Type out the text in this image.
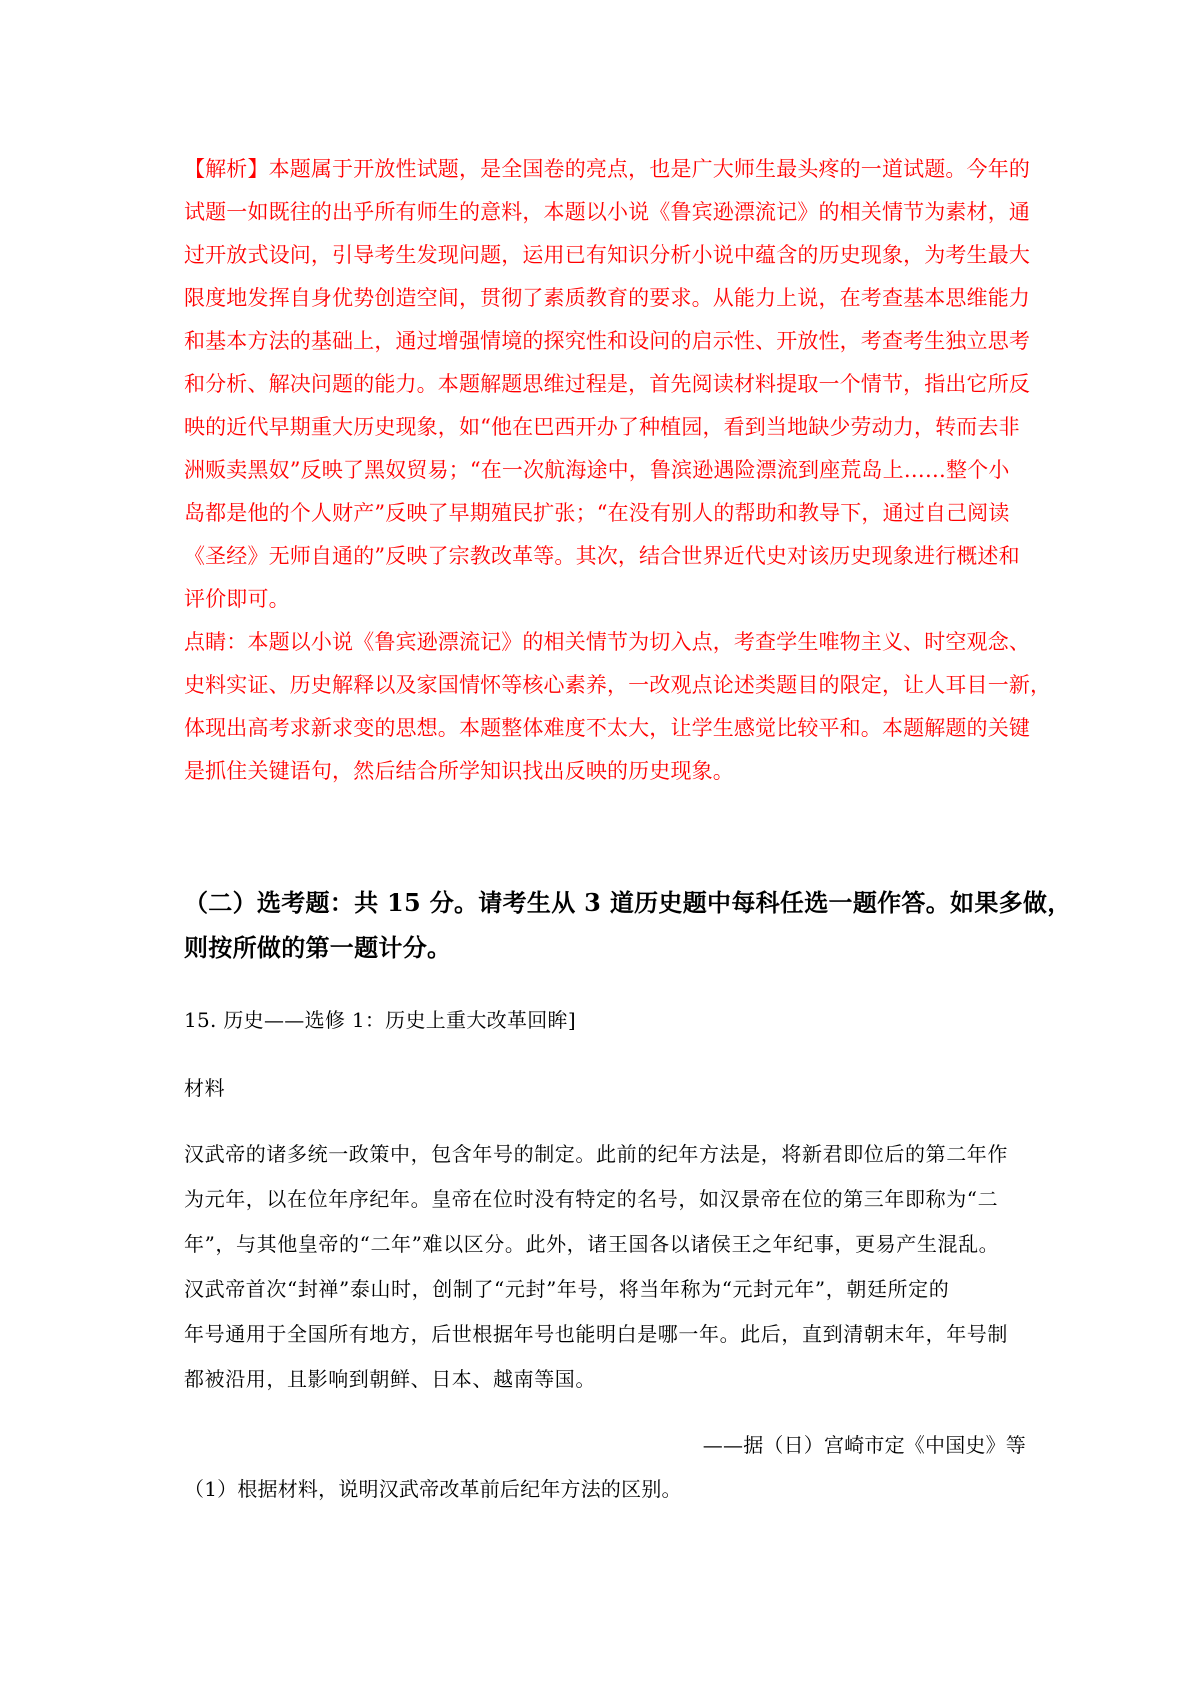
【解析】本题属于开放性试题，是全国卷的亮点，也是广大师生最头疼的一道试题。今年的
试题一如既往的出乎所有师生的意料，本题以小说《鲁宾逊漂流记》的相关情节为素材，通
过开放式设问，引导考生发现问题，运用已有知识分析小说中蕴含的历史现象，为考生最大
限度地发挥自身优势创造空间，贯彻了素质教育的要求。从能力上说，在考查基本思维能力
和基本方法的基础上，通过增强情境的探究性和设问的启示性、开放性，考查考生独立思考
和分析、解决问题的能力。本题解题思维过程是，首先阅读材料提取一个情节，指出它所反
映的近代早期重大历史现象，如“他在巴西开办了种植园，看到当地缺少劳动力，转而去非
洲贩卖黑奴”反映了黑奴贸易；“在一次航海途中，鲁滨逊遇险漂流到座荒岛上……整个小
岛都是他的个人财产”反映了早期殖民扩张；“在没有别人的帮助和教导下，通过自己阅读
《圣经》无师自通的”反映了宗教改革等。其次，结合世界近代史对该历史现象进行概述和
评价即可。
点睛：本题以小说《鲁宾逊漂流记》的相关情节为切入点，考查学生唯物主义、时空观念、
史料实证、历史解释以及家国情怀等核心素养，一改观点论述类题目的限定，让人耳目一新，
体现出高考求新求变的思想。本题整体难度不太大，让学生感觉比较平和。本题解题的关键
是抓住关键语句，然后结合所学知识找出反映的历史现象。
（二）选考题：共 15 分。请考生从 3 道历史题中每科任选一题作答。如果多做，
则按所做的第一题计分。
15. 历史——选修 1：历史上重大改革回眸]
材料
汉武帝的诸多统一政策中，包含年号的制定。此前的纪年方法是，将新君即位后的第二年作
为元年，以在位年序纪年。皇帝在位时没有特定的名号，如汉景帝在位的第三年即称为“二
年”，与其他皇帝的“二年”难以区分。此外，诸王国各以诸侯王之年纪事，更易产生混乱。
汉武帝首次“封禅”泰山时，创制了“元封”年号，将当年称为“元封元年”，朝廷所定的
年号通用于全国所有地方，后世根据年号也能明白是哪一年。此后，直到清朝末年，年号制
都被沿用，且影响到朝鲜、日本、越南等国。
——据（日）宫崎市定《中国史》等
（1）根据材料，说明汉武帝改革前后纪年方法的区别。
